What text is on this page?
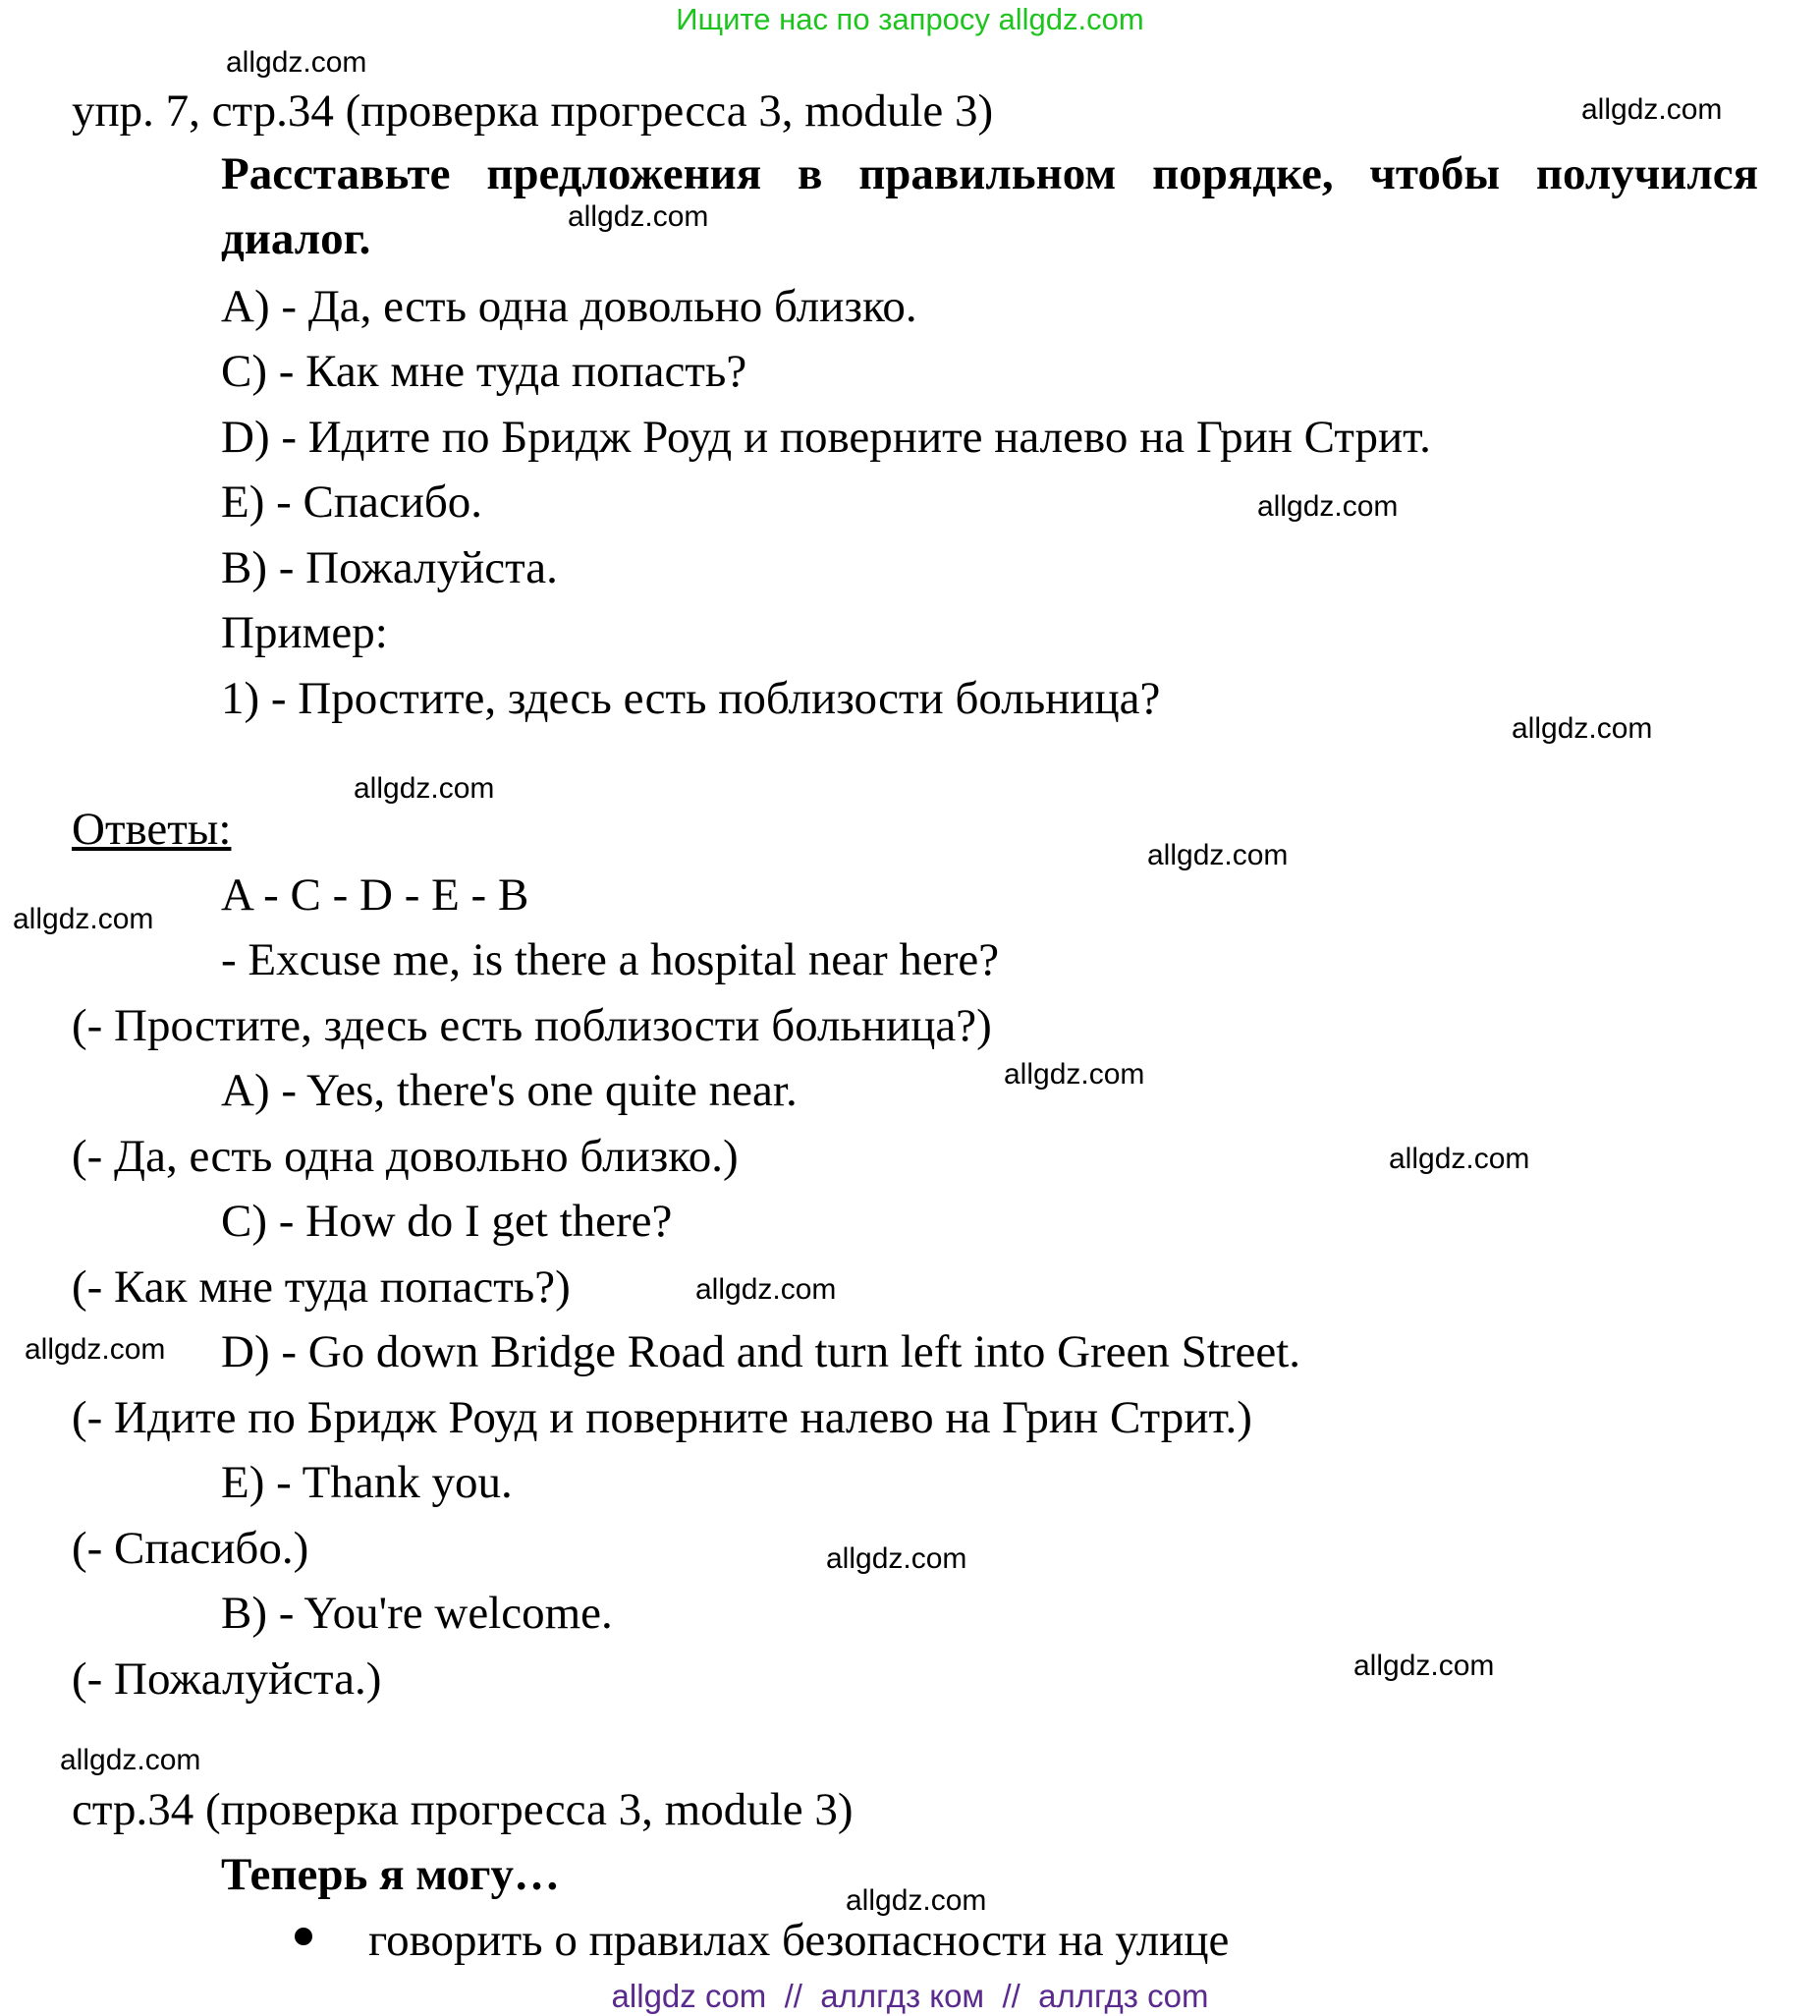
Ищите нас по запросу allgdz.com
allgdz.com
allgdz.com
allgdz.com
allgdz.com
allgdz.com
allgdz.com
allgdz.com
allgdz.com
allgdz.com
allgdz.com
allgdz.com
allgdz.com
allgdz.com
allgdz.com
allgdz.com
allgdz.com
упр. 7, стр.34 (проверка прогресса 3, module 3)
Расставьте предложения в правильном порядке, чтобы получился диалог.
A) - Да, есть одна довольно близко.
C) - Как мне туда попасть?
D) - Идите по Бридж Роуд и поверните налево на Грин Стрит.
E) - Спасибо.
B) - Пожалуйста.
Пример:
1) - Простите, здесь есть поблизости больница?
Ответы:
A - C - D - E - B
- Excuse me, is there a hospital near here?
(- Простите, здесь есть поблизости больница?)
A) - Yes, there's one quite near.
(- Да, есть одна довольно близко.)
C) - How do I get there?
(- Как мне туда попасть?)
D) - Go down Bridge Road and turn left into Green Street.
(- Идите по Бридж Роуд и поверните налево на Грин Стрит.)
E) - Thank you.
(- Спасибо.)
B) - You're welcome.
(- Пожалуйста.)
стр.34 (проверка прогресса 3, module 3)
Теперь я могу…
говорить о правилах безопасности на улице
allgdz com  //  аллгдз ком  //  аллгдз com
